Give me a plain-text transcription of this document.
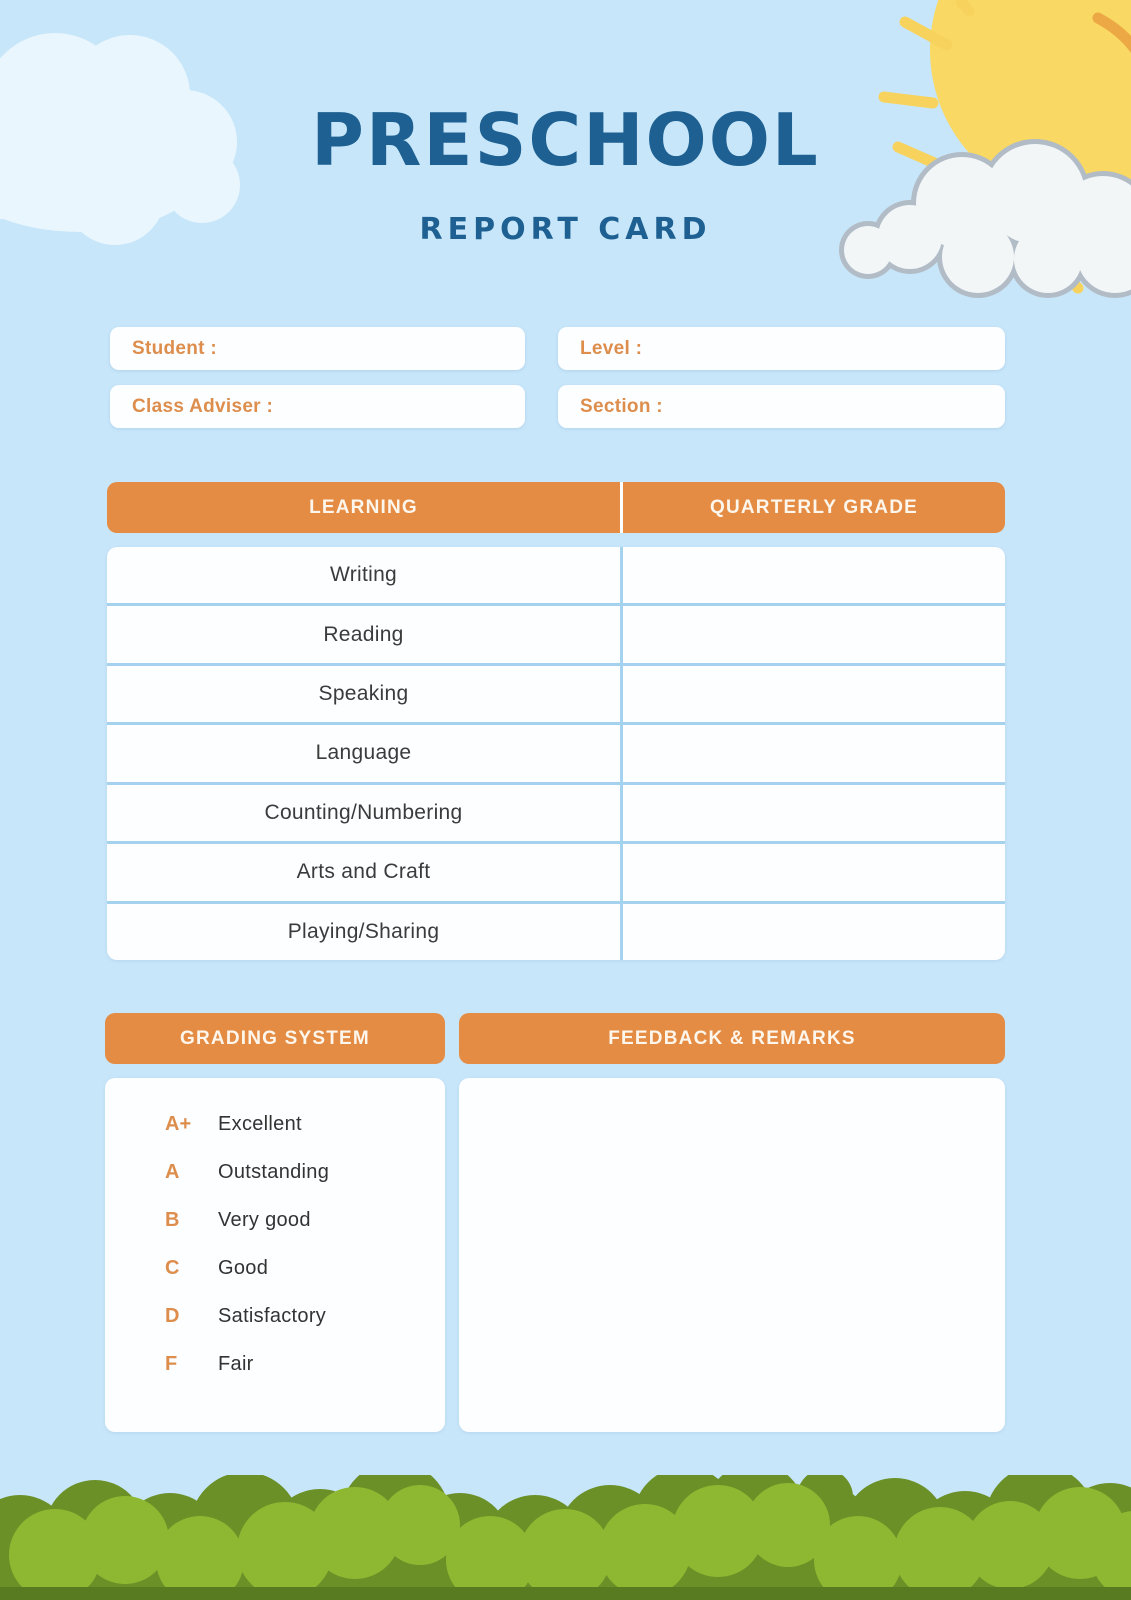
PRESCHOOL
REPORT CARD
Student :	Level :
Class Adviser :	Section :
LEARNING	QUARTERLY GRADE
Writing
Reading
Speaking
Language
Counting/Numbering
Arts and Craft
Playing/Sharing
GRADING SYSTEM	FEEDBACK & REMARKS
A+	Excellent
A	Outstanding
B	Very good
C	Good
D	Satisfactory
F	Fair
